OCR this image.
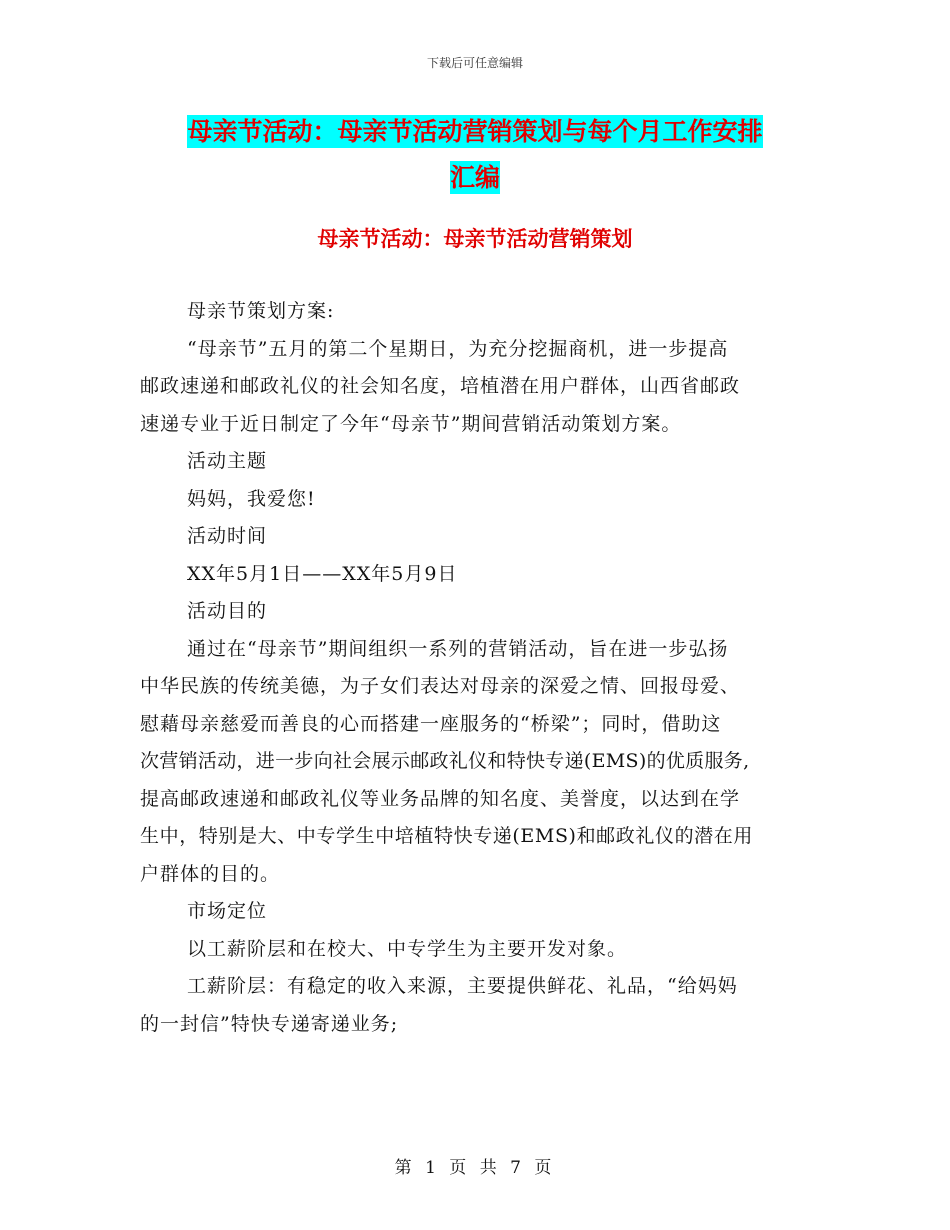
下载后可任意编辑
母亲节活动：母亲节活动营销策划与每个月工作安排
汇编
母亲节活动：母亲节活动营销策划

母亲节策划方案:

“母亲节”五月的第二个星期日，为充分挖掘商机，进一步提高

邮政速递和邮政礼仪的社会知名度，培植潜在用户群体，山西省邮政

速递专业于近日制定了今年“母亲节”期间营销活动策划方案。

活动主题

妈妈，我爱您!

活动时间

XX年5月1日——XX年5月9日

活动目的

通过在“母亲节”期间组织一系列的营销活动，旨在进一步弘扬

中华民族的传统美德，为子女们表达对母亲的深爱之情、回报母爱、

慰藉母亲慈爱而善良的心而搭建一座服务的“桥梁”；同时，借助这

次营销活动，进一步向社会展示邮政礼仪和特快专递(EMS)的优质服务,

提高邮政速递和邮政礼仪等业务品牌的知名度、美誉度，以达到在学

生中，特别是大、中专学生中培植特快专递(EMS)和邮政礼仪的潜在用

户群体的目的。

市场定位

以工薪阶层和在校大、中专学生为主要开发对象。

工薪阶层：有稳定的收入来源，主要提供鲜花、礼品，“给妈妈

的一封信”特快专递寄递业务;

第 1 页 共 7 页
